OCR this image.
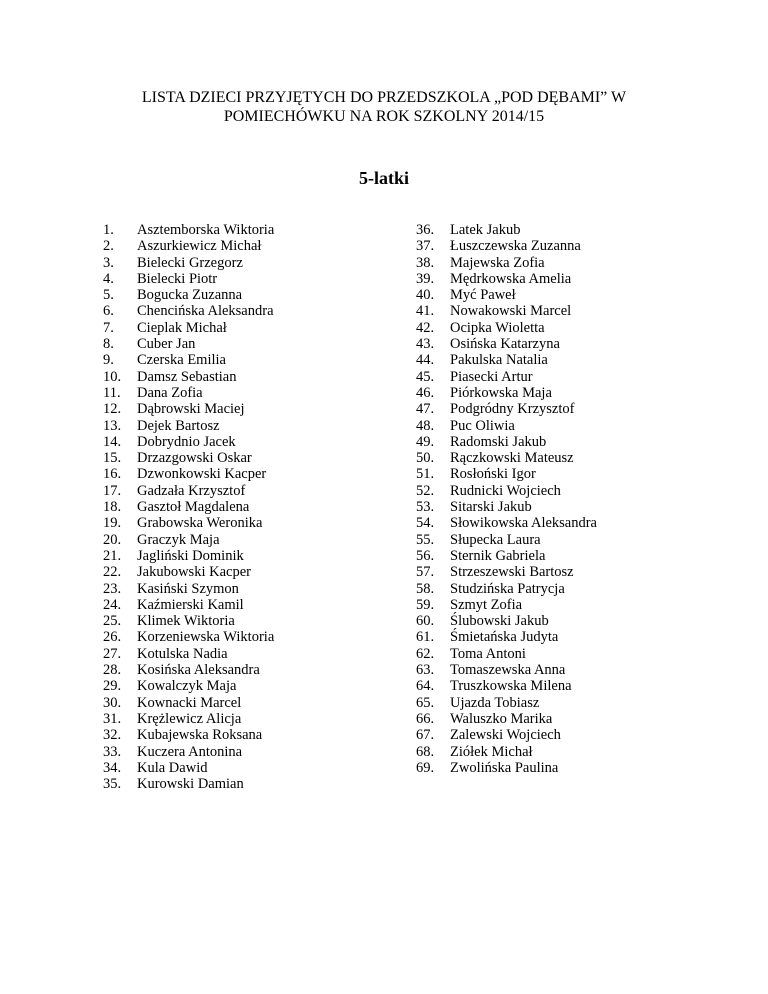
LISTA DZIECI PRZYJĘTYCH DO PRZEDSZKOLA „POD DĘBAMI” W
POMIECHÓWKU NA ROK SZKOLNY 2014/15
5-latki
1. Asztemborska Wiktoria
2. Aszurkiewicz Michał
3. Bielecki Grzegorz
4. Bielecki Piotr
5. Bogucka Zuzanna
6. Chencińska Aleksandra
7. Cieplak Michał
8. Cuber Jan
9. Czerska Emilia
10. Damsz Sebastian
11. Dana Zofia
12. Dąbrowski Maciej
13. Dejek Bartosz
14. Dobrydnio Jacek
15. Drzazgowski Oskar
16. Dzwonkowski Kacper
17. Gadzała Krzysztof
18. Gasztoł Magdalena
19. Grabowska Weronika
20. Graczyk Maja
21. Jagliński Dominik
22. Jakubowski Kacper
23. Kasiński Szymon
24. Kaźmierski Kamil
25. Klimek Wiktoria
26. Korzeniewska Wiktoria
27. Kotulska Nadia
28. Kosińska Aleksandra
29. Kowalczyk Maja
30. Kownacki Marcel
31. Krężlewicz Alicja
32. Kubajewska Roksana
33. Kuczera Antonina
34. Kula Dawid
35. Kurowski Damian
36. Latek Jakub
37. Łuszczewska Zuzanna
38. Majewska Zofia
39. Mędrkowska Amelia
40. Myć Paweł
41. Nowakowski Marcel
42. Ocipka Wioletta
43. Osińska Katarzyna
44. Pakulska Natalia
45. Piasecki Artur
46. Piórkowska Maja
47. Podgródny Krzysztof
48. Puc Oliwia
49. Radomski Jakub
50. Rączkowski Mateusz
51. Rosłoński Igor
52. Rudnicki Wojciech
53. Sitarski Jakub
54. Słowikowska Aleksandra
55. Słupecka Laura
56. Sternik Gabriela
57. Strzeszewski Bartosz
58. Studzińska Patrycja
59. Szmyt Zofia
60. Ślubowski Jakub
61. Śmietańska Judyta
62. Toma Antoni
63. Tomaszewska Anna
64. Truszkowska Milena
65. Ujazda Tobiasz
66. Waluszko Marika
67. Zalewski Wojciech
68. Ziółek Michał
69. Zwolińska Paulina
